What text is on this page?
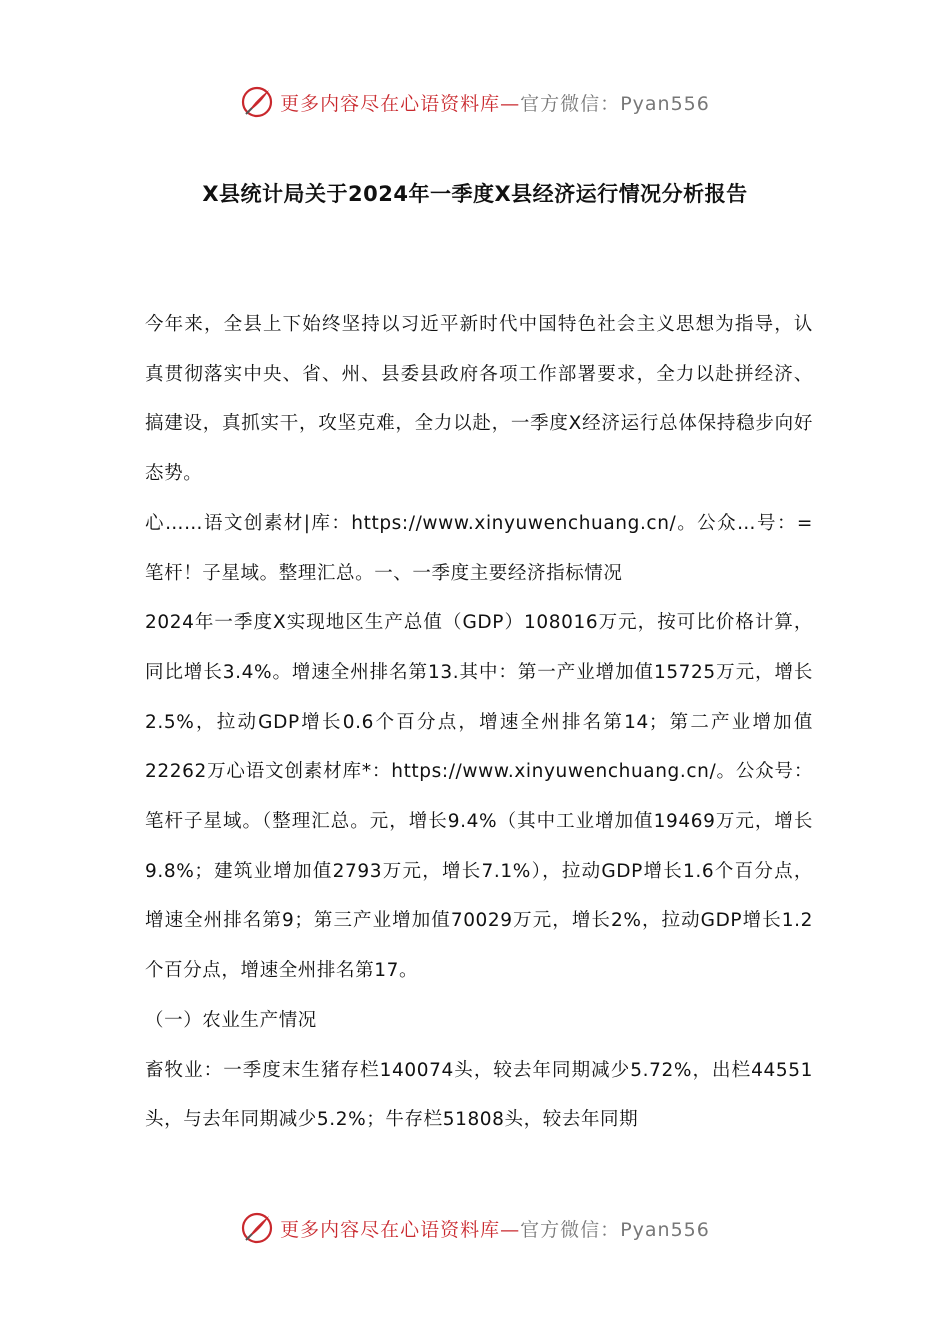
更多内容尽在心语资料库—官方微信：Pyan556
X县统计局关于2024年一季度X县经济运行情况分析报告

今年来，全县上下始终坚持以习近平新时代中国特色社会主义思想为指导，认真贯彻落实中央、省、州、县委县政府各项工作部署要求，全力以赴拼经济、搞建设，真抓实干，攻坚克难，全力以赴，一季度X经济运行总体保持稳步向好态势。

心……语文创素材|库：https://www.xinyuwenchuang.cn/。公众…号：=笔杆！子星域。整理汇总。一、一季度主要经济指标情况

2024年一季度X实现地区生产总值（GDP）108016万元，按可比价格计算，同比增长3.4%。增速全州排名第13.其中：第一产业增加值15725万元，增长2.5%，拉动GDP增长0.6个百分点，增速全州排名第14；第二产业增加值22262万心语文创素材库*：https://www.xinyuwenchuang.cn/。公众号：笔杆子星域。（整理汇总。元，增长9.4%（其中工业增加值19469万元，增长9.8%；建筑业增加值2793万元，增长7.1%），拉动GDP增长1.6个百分点，增速全州排名第9；第三产业增加值70029万元，增长2%，拉动GDP增长1.2个百分点，增速全州排名第17。

（一）农业生产情况

畜牧业：一季度末生猪存栏140074头，较去年同期减少5.72%，出栏44551头，与去年同期减少5.2%；牛存栏51808头，较去年同期

更多内容尽在心语资料库—官方微信：Pyan556
